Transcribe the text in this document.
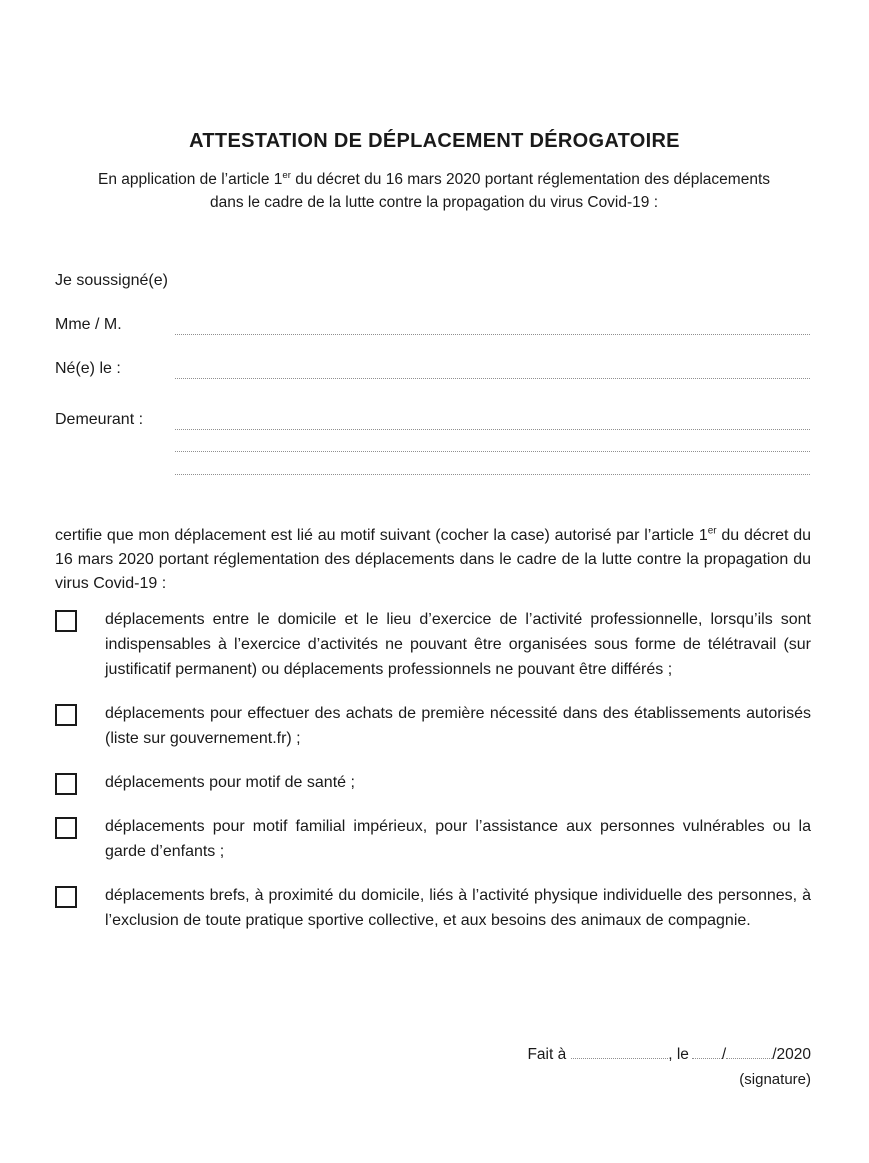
ATTESTATION DE DÉPLACEMENT DÉROGATOIRE

En application de l’article 1er du décret du 16 mars 2020 portant réglementation des déplacements dans le cadre de la lutte contre la propagation du virus Covid-19 :

Je soussigné(e)

Mme / M.
Né(e) le :
Demeurant :

certifie que mon déplacement est lié au motif suivant (cocher la case) autorisé par l’article 1er du décret du 16 mars 2020 portant réglementation des déplacements dans le cadre de la lutte contre la propagation du virus Covid-19 :

déplacements entre le domicile et le lieu d’exercice de l’activité professionnelle, lorsqu’ils sont indispensables à l’exercice d’activités ne pouvant être organisées sous forme de télétravail (sur justificatif permanent) ou déplacements professionnels ne pouvant être différés ;

déplacements pour effectuer des achats de première nécessité dans des établissements autorisés (liste sur gouvernement.fr) ;

déplacements pour motif de santé ;

déplacements pour motif familial impérieux, pour l’assistance aux personnes vulnérables ou la garde d’enfants ;

déplacements brefs, à proximité du domicile, liés à l’activité physique individuelle des personnes, à l’exclusion de toute pratique sportive collective, et aux besoins des animaux de compagnie.

Fait à	, le /	/2020
(signature)
